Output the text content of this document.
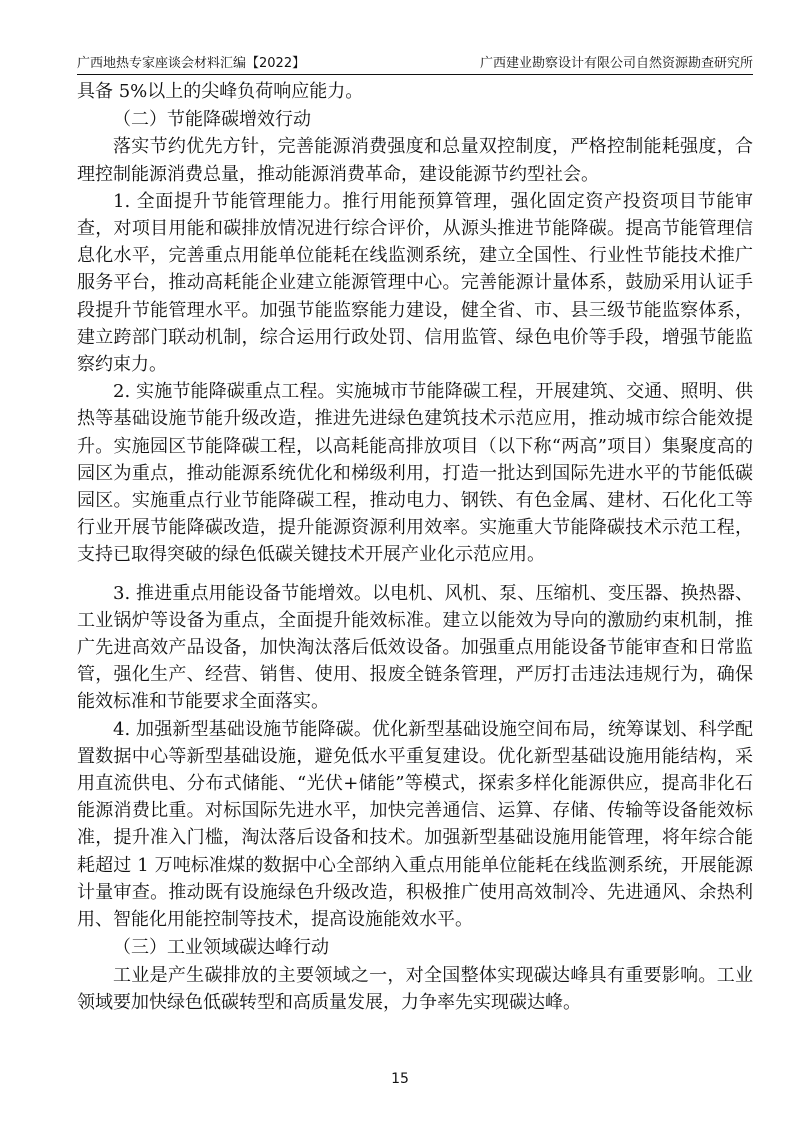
广西地热专家座谈会材料汇编【2022】	广西建业勘察设计有限公司自然资源勘查研究所

具备 5%以上的尖峰负荷响应能力。

（二）节能降碳增效行动

落实节约优先方针，完善能源消费强度和总量双控制度，严格控制能耗强度，合理控制能源消费总量，推动能源消费革命，建设能源节约型社会。

1. 全面提升节能管理能力。推行用能预算管理，强化固定资产投资项目节能审查，对项目用能和碳排放情况进行综合评价，从源头推进节能降碳。提高节能管理信息化水平，完善重点用能单位能耗在线监测系统，建立全国性、行业性节能技术推广服务平台，推动高耗能企业建立能源管理中心。完善能源计量体系，鼓励采用认证手段提升节能管理水平。加强节能监察能力建设，健全省、市、县三级节能监察体系，建立跨部门联动机制，综合运用行政处罚、信用监管、绿色电价等手段，增强节能监察约束力。

2. 实施节能降碳重点工程。实施城市节能降碳工程，开展建筑、交通、照明、供热等基础设施节能升级改造，推进先进绿色建筑技术示范应用，推动城市综合能效提升。实施园区节能降碳工程，以高耗能高排放项目（以下称“两高”项目）集聚度高的园区为重点，推动能源系统优化和梯级利用，打造一批达到国际先进水平的节能低碳园区。实施重点行业节能降碳工程，推动电力、钢铁、有色金属、建材、石化化工等行业开展节能降碳改造，提升能源资源利用效率。实施重大节能降碳技术示范工程，支持已取得突破的绿色低碳关键技术开展产业化示范应用。

3. 推进重点用能设备节能增效。以电机、风机、泵、压缩机、变压器、换热器、工业锅炉等设备为重点，全面提升能效标准。建立以能效为导向的激励约束机制，推广先进高效产品设备，加快淘汰落后低效设备。加强重点用能设备节能审查和日常监管，强化生产、经营、销售、使用、报废全链条管理，严厉打击违法违规行为，确保能效标准和节能要求全面落实。

4. 加强新型基础设施节能降碳。优化新型基础设施空间布局，统筹谋划、科学配置数据中心等新型基础设施，避免低水平重复建设。优化新型基础设施用能结构，采用直流供电、分布式储能、“光伏+储能”等模式，探索多样化能源供应，提高非化石能源消费比重。对标国际先进水平，加快完善通信、运算、存储、传输等设备能效标准，提升准入门槛，淘汰落后设备和技术。加强新型基础设施用能管理，将年综合能耗超过 1 万吨标准煤的数据中心全部纳入重点用能单位能耗在线监测系统，开展能源计量审查。推动既有设施绿色升级改造，积极推广使用高效制冷、先进通风、余热利用、智能化用能控制等技术，提高设施能效水平。

（三）工业领域碳达峰行动

工业是产生碳排放的主要领域之一，对全国整体实现碳达峰具有重要影响。工业领域要加快绿色低碳转型和高质量发展，力争率先实现碳达峰。

15
